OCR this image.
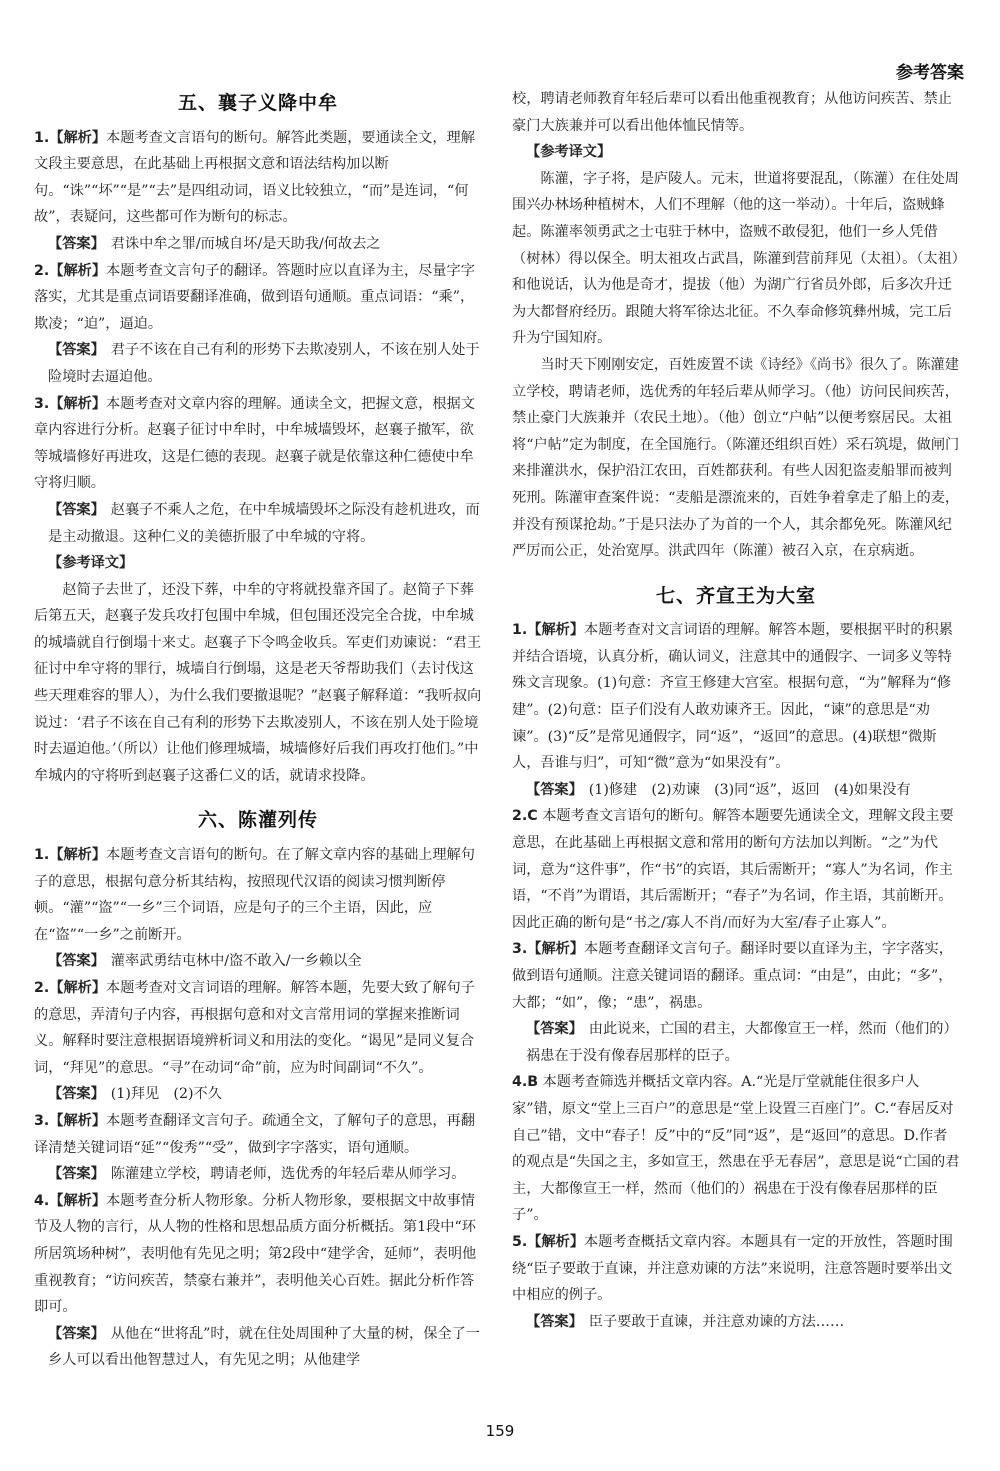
参考答案
五、襄子义降中牟

1.【解析】本题考查文言语句的断句。解答此类题，要通读全文，理解文段主要意思，在此基础上再根据文意和语法结构加以断句。“诛”“坏”“是”“去”是四组动词，语义比较独立，“而”是连词，“何故”，表疑问，这些都可作为断句的标志。

【答案】 君诛中牟之罪/而城自坏/是天助我/何故去之

2.【解析】本题考查文言句子的翻译。答题时应以直译为主，尽量字字落实，尤其是重点词语要翻译准确，做到语句通顺。重点词语：“乘”，欺凌；“迫”，逼迫。

【答案】 君子不该在自己有利的形势下去欺凌别人，不该在别人处于险境时去逼迫他。

3.【解析】本题考查对文章内容的理解。通读全文，把握文意，根据文章内容进行分析。赵襄子征讨中牟时，中牟城墙毁坏，赵襄子撤军，欲等城墙修好再进攻，这是仁德的表现。赵襄子就是依靠这种仁德使中牟守将归顺。

【答案】 赵襄子不乘人之危，在中牟城墙毁坏之际没有趁机进攻，而是主动撤退。这种仁义的美德折服了中牟城的守将。

【参考译文】

赵简子去世了，还没下葬，中牟的守将就投靠齐国了。赵简子下葬后第五天，赵襄子发兵攻打包围中牟城，但包围还没完全合拢，中牟城的城墙就自行倒塌十来丈。赵襄子下令鸣金收兵。军吏们劝谏说：“君王征讨中牟守将的罪行，城墙自行倒塌，这是老天爷帮助我们（去讨伐这些天理难容的罪人），为什么我们要撤退呢？”赵襄子解释道：“我听叔向说过：‘君子不该在自己有利的形势下去欺凌别人，不该在别人处于险境时去逼迫他。’（所以）让他们修理城墙，城墙修好后我们再攻打他们。”中牟城内的守将听到赵襄子这番仁义的话，就请求投降。

六、陈灌列传

1.【解析】本题考查文言语句的断句。在了解文章内容的基础上理解句子的意思，根据句意分析其结构，按照现代汉语的阅读习惯判断停顿。“灌”“盗”“一乡”三个词语，应是句子的三个主语，因此，应在“盗”“一乡”之前断开。

【答案】 灌率武勇结屯林中/盗不敢入/一乡赖以全

2.【解析】本题考查对文言词语的理解。解答本题，先要大致了解句子的意思，弄清句子内容，再根据句意和对文言常用词的掌握来推断词义。解释时要注意根据语境辨析词义和用法的变化。“谒见”是同义复合词，“拜见”的意思。“寻”在动词“命”前，应为时间副词“不久”。

【答案】 (1)拜见　(2)不久

3.【解析】本题考查翻译文言句子。疏通全文，了解句子的意思，再翻译清楚关键词语“延”“俊秀”“受”，做到字字落实，语句通顺。

【答案】 陈灌建立学校，聘请老师，选优秀的年轻后辈从师学习。

4.【解析】本题考查分析人物形象。分析人物形象，要根据文中故事情节及人物的言行，从人物的性格和思想品质方面分析概括。第1段中“环所居筑场种树”，表明他有先见之明；第2段中“建学舍，延师”，表明他重视教育；“访问疾苦，禁豪右兼并”，表明他关心百姓。据此分析作答即可。

【答案】 从他在“世将乱”时，就在住处周围种了大量的树，保全了一乡人可以看出他智慧过人，有先见之明；从他建学

校，聘请老师教育年轻后辈可以看出他重视教育；从他访问疾苦、禁止豪门大族兼并可以看出他体恤民情等。

【参考译文】

陈灌，字子将，是庐陵人。元末，世道将要混乱，（陈灌）在住处周围兴办林场种植树木，人们不理解（他的这一举动）。十年后，盗贼蜂起。陈灌率领勇武之士屯驻于林中，盗贼不敢侵犯，他们一乡人凭借（树林）得以保全。明太祖攻占武昌，陈灌到营前拜见（太祖）。（太祖）和他说话，认为他是奇才，提拔（他）为湖广行省员外郎，后多次升迁为大都督府经历。跟随大将军徐达北征。不久奉命修筑彝州城，完工后升为宁国知府。

当时天下刚刚安定，百姓废置不读《诗经》《尚书》很久了。陈灌建立学校，聘请老师，选优秀的年轻后辈从师学习。（他）访问民间疾苦，禁止豪门大族兼并（农民土地）。（他）创立“户帖”以便考察居民。太祖将“户帖”定为制度，在全国施行。（陈灌还组织百姓）采石筑堤，做闸门来排灌洪水，保护沿江农田，百姓都获利。有些人因犯盗麦船罪而被判死刑。陈灌审查案件说：“麦船是漂流来的，百姓争着拿走了船上的麦，并没有预谋抢劫。”于是只法办了为首的一个人，其余都免死。陈灌风纪严厉而公正，处治宽厚。洪武四年（陈灌）被召入京，在京病逝。

七、齐宣王为大室

1.【解析】本题考查对文言词语的理解。解答本题，要根据平时的积累并结合语境，认真分析，确认词义，注意其中的通假字、一词多义等特殊文言现象。(1)句意：齐宣王修建大宫室。根据句意，“为”解释为“修建”。(2)句意：臣子们没有人敢劝谏齐王。因此，“谏”的意思是“劝谏”。(3)“反”是常见通假字，同“返”，“返回”的意思。(4)联想“微斯人，吾谁与归”，可知“微”意为“如果没有”。

【答案】 (1)修建　(2)劝谏　(3)同“返”，返回　(4)如果没有

2.C 本题考查文言语句的断句。解答本题要先通读全文，理解文段主要意思，在此基础上再根据文意和常用的断句方法加以判断。“之”为代词，意为“这件事”，作“书”的宾语，其后需断开；“寡人”为名词，作主语，“不肖”为谓语，其后需断开；“春子”为名词，作主语，其前断开。因此正确的断句是“书之/寡人不肖/而好为大室/春子止寡人”。

3.【解析】本题考查翻译文言句子。翻译时要以直译为主，字字落实，做到语句通顺。注意关键词语的翻译。重点词：“由是”，由此；“多”，大都；“如”，像；“患”，祸患。

【答案】 由此说来，亡国的君主，大都像宣王一样，然而（他们的）祸患在于没有像春居那样的臣子。

4.B 本题考查筛选并概括文章内容。A.“光是厅堂就能住很多户人家”错，原文“堂上三百户”的意思是“堂上设置三百座门”。C.“春居反对自己”错，文中“春子！反”中的“反”同“返”，是“返回”的意思。D.作者的观点是“失国之主，多如宣王，然患在乎无春居”，意思是说“亡国的君主，大都像宣王一样，然而（他们的）祸患在于没有像春居那样的臣子”。

5.【解析】本题考查概括文章内容。本题具有一定的开放性，答题时围绕“臣子要敢于直谏，并注意劝谏的方法”来说明，注意答题时要举出文中相应的例子。

【答案】 臣子要敢于直谏，并注意劝谏的方法……

159
